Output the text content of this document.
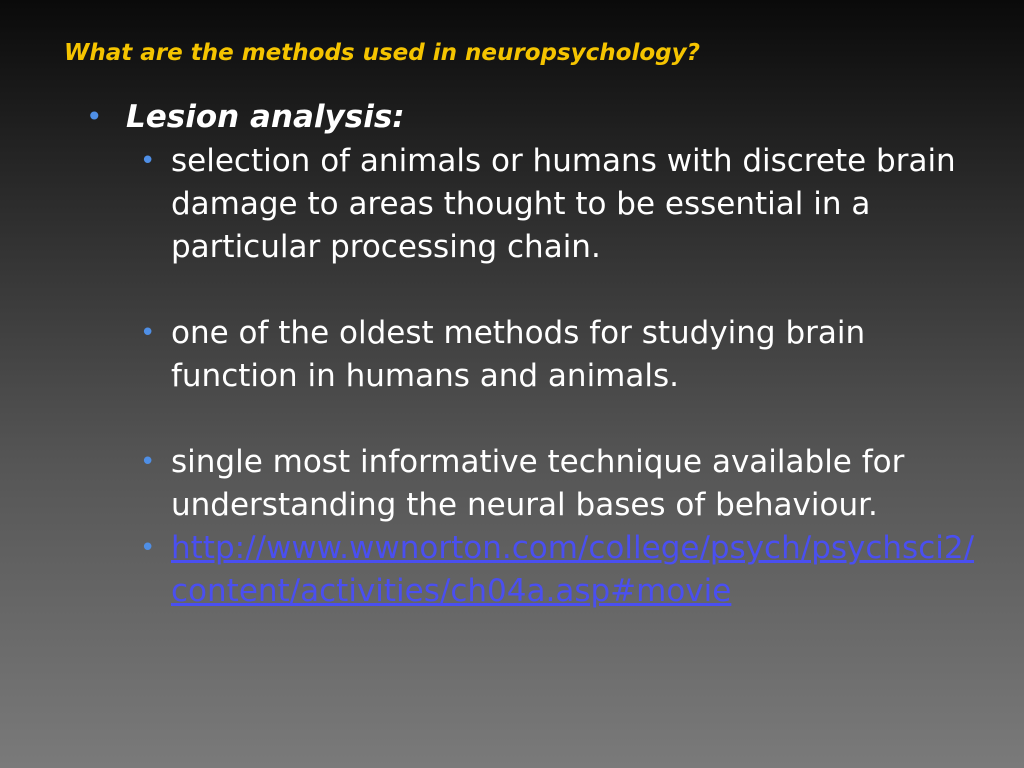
What are the methods used in neuropsychology?
• Lesion analysis:
• selection of animals or humans with discrete brain damage to areas thought to be essential in a particular processing chain.
• one of the oldest methods for studying brain function in humans and animals.
• single most informative technique available for understanding the neural bases of behaviour.
• http://www.wwnorton.com/college/psych/psychsci2/content/activities/ch04a.asp#movie
